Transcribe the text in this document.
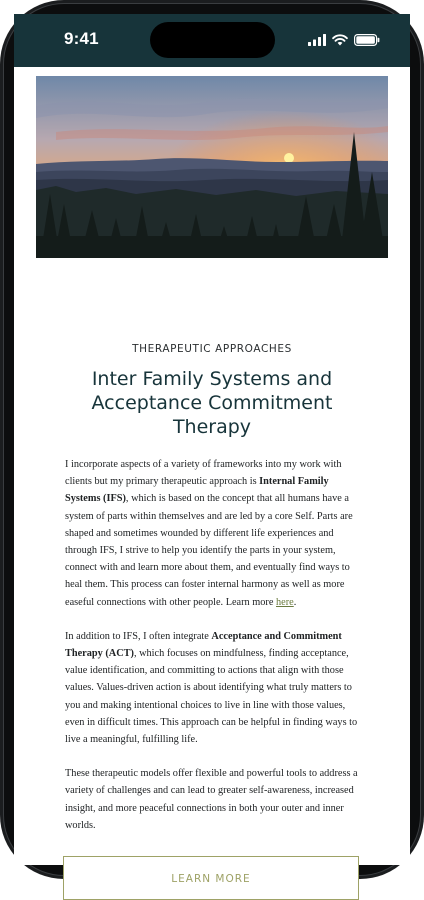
9:41
THERAPEUTIC APPROACHES
Inter Family Systems and Acceptance Commitment Therapy

I incorporate aspects of a variety of frameworks into my work with clients but my primary therapeutic approach is Internal Family Systems (IFS), which is based on the concept that all humans have a system of parts within themselves and are led by a core Self. Parts are shaped and sometimes wounded by different life experiences and through IFS, I strive to help you identify the parts in your system, connect with and learn more about them, and eventually find ways to heal them. This process can foster internal harmony as well as more easeful connections with other people. Learn more here.

In addition to IFS, I often integrate Acceptance and Commitment Therapy (ACT), which focuses on mindfulness, finding acceptance, value identification, and committing to actions that align with those values. Values-driven action is about identifying what truly matters to you and making intentional choices to live in line with those values, even in difficult times. This approach can be helpful in finding ways to live a meaningful, fulfilling life.

These therapeutic models offer flexible and powerful tools to address a variety of challenges and can lead to greater self-awareness, increased insight, and more peaceful connections in both your outer and inner worlds.

LEARN MORE
